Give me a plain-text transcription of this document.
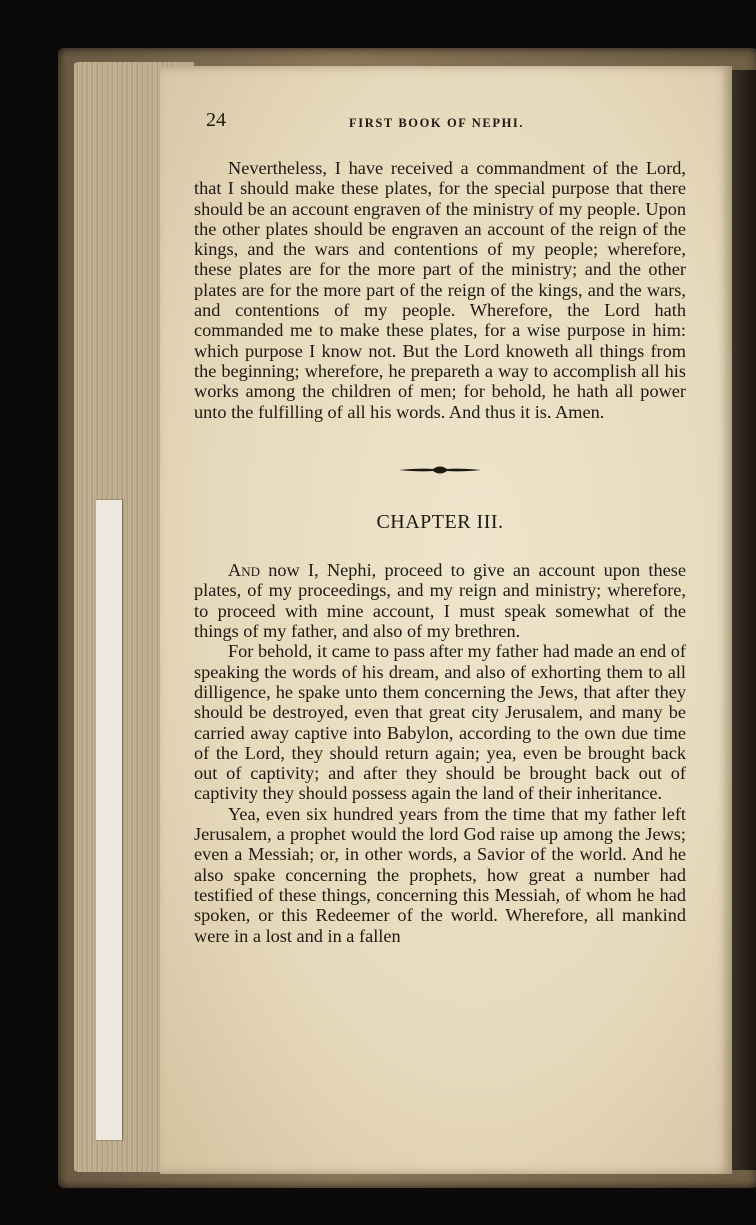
24	FIRST BOOK OF NEPHI.

Nevertheless, I have received a commandment of the Lord, that I should make these plates, for the special purpose that there should be an account engraven of the ministry of my people. Upon the other plates should be engraven an account of the reign of the kings, and the wars and contentions of my people; wherefore, these plates are for the more part of the ministry; and the other plates are for the more part of the reign of the kings, and the wars, and contentions of my people. Wherefore, the Lord hath commanded me to make these plates, for a wise purpose in him: which purpose I know not. But the Lord knoweth all things from the beginning; wherefore, he prepareth a way to accomplish all his works among the children of men; for behold, he hath all power unto the fulfilling of all his words. And thus it is. Amen.

CHAPTER III.

And now I, Nephi, proceed to give an account upon these plates, of my proceedings, and my reign and ministry; wherefore, to proceed with mine account, I must speak somewhat of the things of my father, and also of my brethren.

For behold, it came to pass after my father had made an end of speaking the words of his dream, and also of exhorting them to all dilligence, he spake unto them concerning the Jews, that after they should be destroyed, even that great city Jerusalem, and many be carried away captive into Babylon, according to the own due time of the Lord, they should return again; yea, even be brought back out of captivity; and after they should be brought back out of captivity they should possess again the land of their inheritance.

Yea, even six hundred years from the time that my father left Jerusalem, a prophet would the lord God raise up among the Jews; even a Messiah; or, in other words, a Savior of the world. And he also spake concerning the prophets, how great a number had testified of these things, concerning this Messiah, of whom he had spoken, or this Redeemer of the world. Wherefore, all mankind were in a lost and in a fallen
